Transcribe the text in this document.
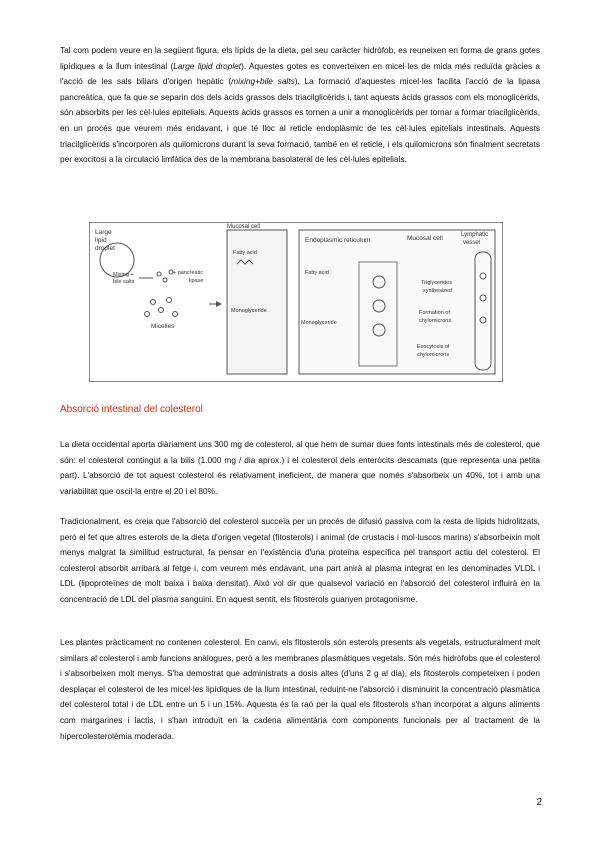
Tal com podem veure en la següent figura, els lípids de la dieta, pel seu caràcter hidròfob, es reuneixen en forma de grans gotes lipídiques a la llum intestinal (Large lipid droplet). Aquestes gotes es converteixen en micel·les de mida més reduïda gràcies a l'acció de les sals biliars d'origen hepàtic (mixing+bile salts). La formació d'aquestes micel·les facilita l'acció de la lipasa pancreàtica, que fa que se separin dos dels àcids grassos dels triacilglicèrids i, tant aquests àcids grassos com els monoglicèrids, són absorbits per les cèl·lules epitelials. Aquests àcids grassos es tornen a unir a monoglicèrids per tornar a formar triacilglicèrids, en un procés que veurem més endavant, i que té lloc al reticle endoplàsmic de les cèl·lules epitelials intestinals. Aquests triacilglicèrids s'incorporen als quilomicrons durant la seva formació, també en el reticle, i els quilomicrons són finalment secretats per exocitosi a la circulació limfàtica des de la membrana basolateral de les cèl·lules epitelials.

Large
lipid
droplet
Mixing +
bile salts
+ pancreatic
lipase
Micelles
Mucosal cell
Fatty acid
Monoglyceride
Endoplasmic reticulum
Fatty acid
Monoglyceride
Mucosal cell
Triglycerides
synthesized
Formation of
chylomicrons
Exocytosis of
chylomicrons
Lymphatic
vessel
Absorció intestinal del colesterol

La dieta occidental aporta diàriament uns 300 mg de colesterol, al que hem de sumar dues fonts intestinals més de colesterol, que són: el colesterol contingut a la bilis (1.000 mg / dia aprox.) i el colesterol dels enteròcits descamats (que representa una petita part). L'absorció de tot aquest colesterol és relativament ineficient, de manera que només s'absorbeix un 40%, tot i amb una variabilitat que oscil·la entre el 20 i el 80%.

Tradicionalment, es creia que l'absorció del colesterol succeïa per un procés de difusió passiva com la resta de lípids hidrolitzats, però el fet que altres esterols de la dieta d'origen vegetal (fitosterols) i animal (de crustacis i mol·luscos marins) s'absorbeixin molt menys malgrat la similitud estructural, fa pensar en l'existència d'una proteïna específica pel transport actiu del colesterol. El colesterol absorbit arribarà al fetge i, com veurem més endavant, una part anirà al plasma integrat en les denominades VLDL i LDL (lipoproteïnes de molt baixa i baixa densitat). Això vol dir que qualsevol variació en l'absorció del colesterol influirà en la concentració de LDL del plasma sanguini. En aquest sentit, els fitosterols guanyen protagonisme.

Les plantes pràcticament no contenen colesterol. En canvi, els fitosterols són esterols presents als vegetals, estructuralment molt similars al colesterol i amb funcions anàlogues, però a les membranes plasmàtiques vegetals. Són més hidròfobs que el colesterol i s'absorbeixen molt menys. S'ha demostrat que administrats a dosis altes (d'uns 2 g al dia), els fitosterols competeixen i poden desplaçar el colesterol de les micel·les lipídiques de la llum intestinal, reduint-ne l'absorció i disminuint la concentració plasmàtica del colesterol total i de LDL entre un 5 i un 15%. Aquesta és la raó per la qual els fitosterols s'han incorporat a alguns aliments com margarines i lactis, i s'han introduït en la cadena alimentària com components funcionals per al tractament de la hipercolesterolèmia moderada.

2
